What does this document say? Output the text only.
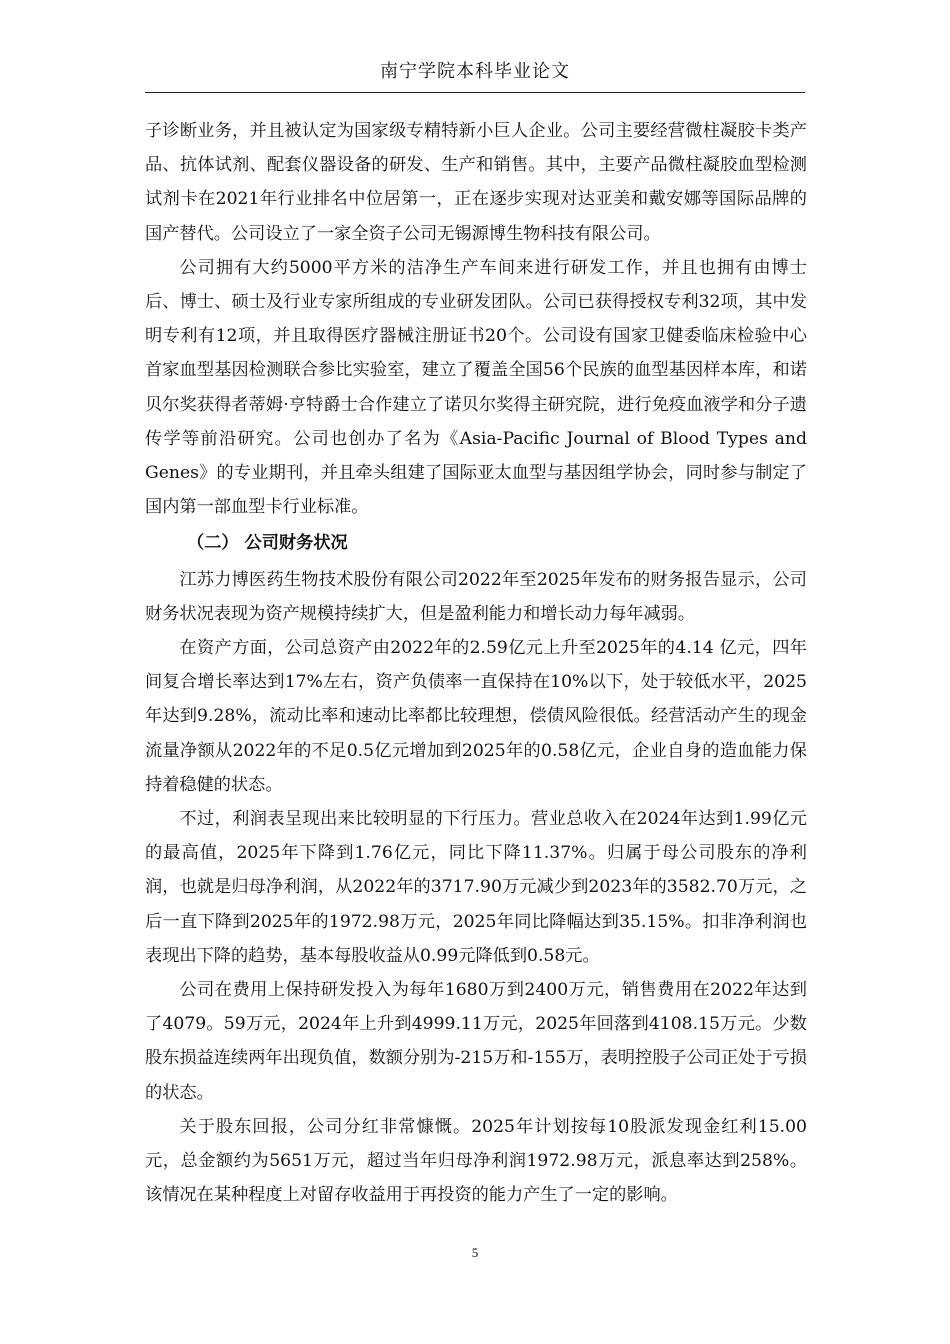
南宁学院本科毕业论文

子诊断业务，并且被认定为国家级专精特新小巨人企业。公司主要经营微柱凝胶卡类产品、抗体试剂、配套仪器设备的研发、生产和销售。其中，主要产品微柱凝胶血型检测试剂卡在2021年行业排名中位居第一，正在逐步实现对达亚美和戴安娜等国际品牌的国产替代。公司设立了一家全资子公司无锡源博生物科技有限公司。

公司拥有大约5000平方米的洁净生产车间来进行研发工作，并且也拥有由博士后、博士、硕士及行业专家所组成的专业研发团队。公司已获得授权专利32项，其中发明专利有12项，并且取得医疗器械注册证书20个。公司设有国家卫健委临床检验中心首家血型基因检测联合参比实验室，建立了覆盖全国56个民族的血型基因样本库，和诺贝尔奖获得者蒂姆·亨特爵士合作建立了诺贝尔奖得主研究院，进行免疫血液学和分子遗传学等前沿研究。公司也创办了名为《Asia-Pacific Journal of Blood Types and Genes》的专业期刊，并且牵头组建了国际亚太血型与基因组学协会，同时参与制定了国内第一部血型卡行业标准。

（二） 公司财务状况

江苏力博医药生物技术股份有限公司2022年至2025年发布的财务报告显示，公司财务状况表现为资产规模持续扩大，但是盈利能力和增长动力每年减弱。

在资产方面，公司总资产由2022年的2.59亿元上升至2025年的4.14 亿元，四年间复合增长率达到17%左右，资产负债率一直保持在10%以下，处于较低水平，2025年达到9.28%，流动比率和速动比率都比较理想，偿债风险很低。经营活动产生的现金流量净额从2022年的不足0.5亿元增加到2025年的0.58亿元，企业自身的造血能力保持着稳健的状态。

不过，利润表呈现出来比较明显的下行压力。营业总收入在2024年达到1.99亿元的最高值，2025年下降到1.76亿元，同比下降11.37%。归属于母公司股东的净利润，也就是归母净利润，从2022年的3717.90万元减少到2023年的3582.70万元，之后一直下降到2025年的1972.98万元，2025年同比降幅达到35.15%。扣非净利润也表现出下降的趋势，基本每股收益从0.99元降低到0.58元。

公司在费用上保持研发投入为每年1680万到2400万元，销售费用在2022年达到了4079。59万元，2024年上升到4999.11万元，2025年回落到4108.15万元。少数股东损益连续两年出现负值，数额分别为-215万和-155万，表明控股子公司正处于亏损的状态。

关于股东回报，公司分红非常慷慨。2025年计划按每10股派发现金红利15.00元，总金额约为5651万元，超过当年归母净利润1972.98万元，派息率达到258%。该情况在某种程度上对留存收益用于再投资的能力产生了一定的影响。

5
